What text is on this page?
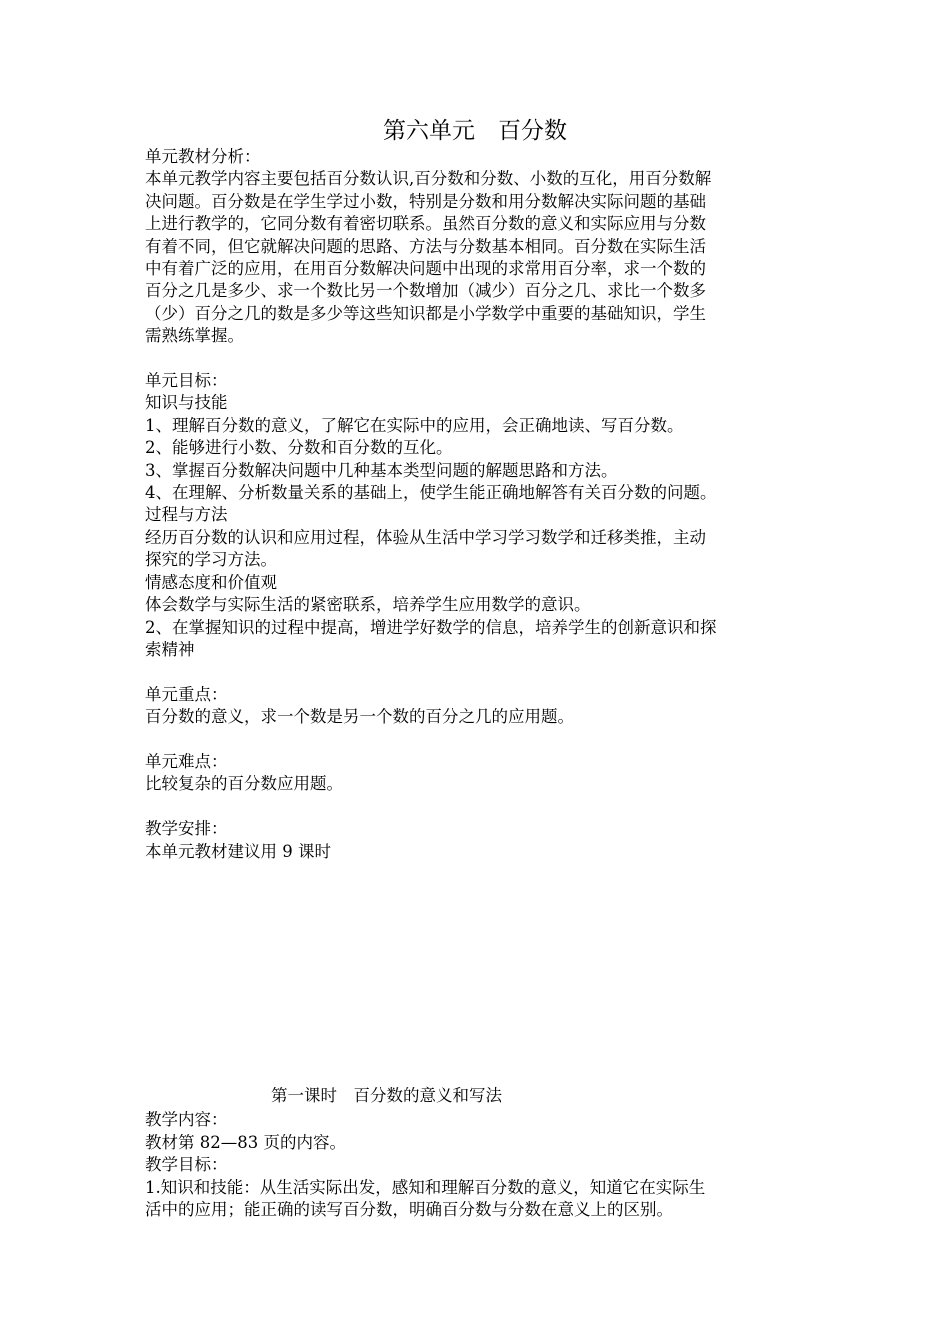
第六单元　百分数
单元教材分析：
本单元教学内容主要包括百分数认识,百分数和分数、小数的互化，用百分数解
决问题。百分数是在学生学过小数，特别是分数和用分数解决实际问题的基础
上进行教学的，它同分数有着密切联系。虽然百分数的意义和实际应用与分数
有着不同，但它就解决问题的思路、方法与分数基本相同。百分数在实际生活
中有着广泛的应用，在用百分数解决问题中出现的求常用百分率，求一个数的
百分之几是多少、求一个数比另一个数增加（减少）百分之几、求比一个数多
（少）百分之几的数是多少等这些知识都是小学数学中重要的基础知识，学生
需熟练掌握。
单元目标：
知识与技能
1、理解百分数的意义，了解它在实际中的应用，会正确地读、写百分数。
2、能够进行小数、分数和百分数的互化。
3、掌握百分数解决问题中几种基本类型问题的解题思路和方法。
4、在理解、分析数量关系的基础上，使学生能正确地解答有关百分数的问题。
过程与方法
经历百分数的认识和应用过程，体验从生活中学习学习数学和迁移类推，主动
探究的学习方法。
情感态度和价值观
体会数学与实际生活的紧密联系，培养学生应用数学的意识。
2、在掌握知识的过程中提高，增进学好数学的信息，培养学生的创新意识和探
索精神
单元重点：
百分数的意义，求一个数是另一个数的百分之几的应用题。
单元难点：
比较复杂的百分数应用题。
教学安排：
本单元教材建议用 9 课时
第一课时　百分数的意义和写法
教学内容：
教材第 82—83 页的内容。
教学目标：
1.知识和技能：从生活实际出发，感知和理解百分数的意义，知道它在实际生
活中的应用；能正确的读写百分数，明确百分数与分数在意义上的区别。
